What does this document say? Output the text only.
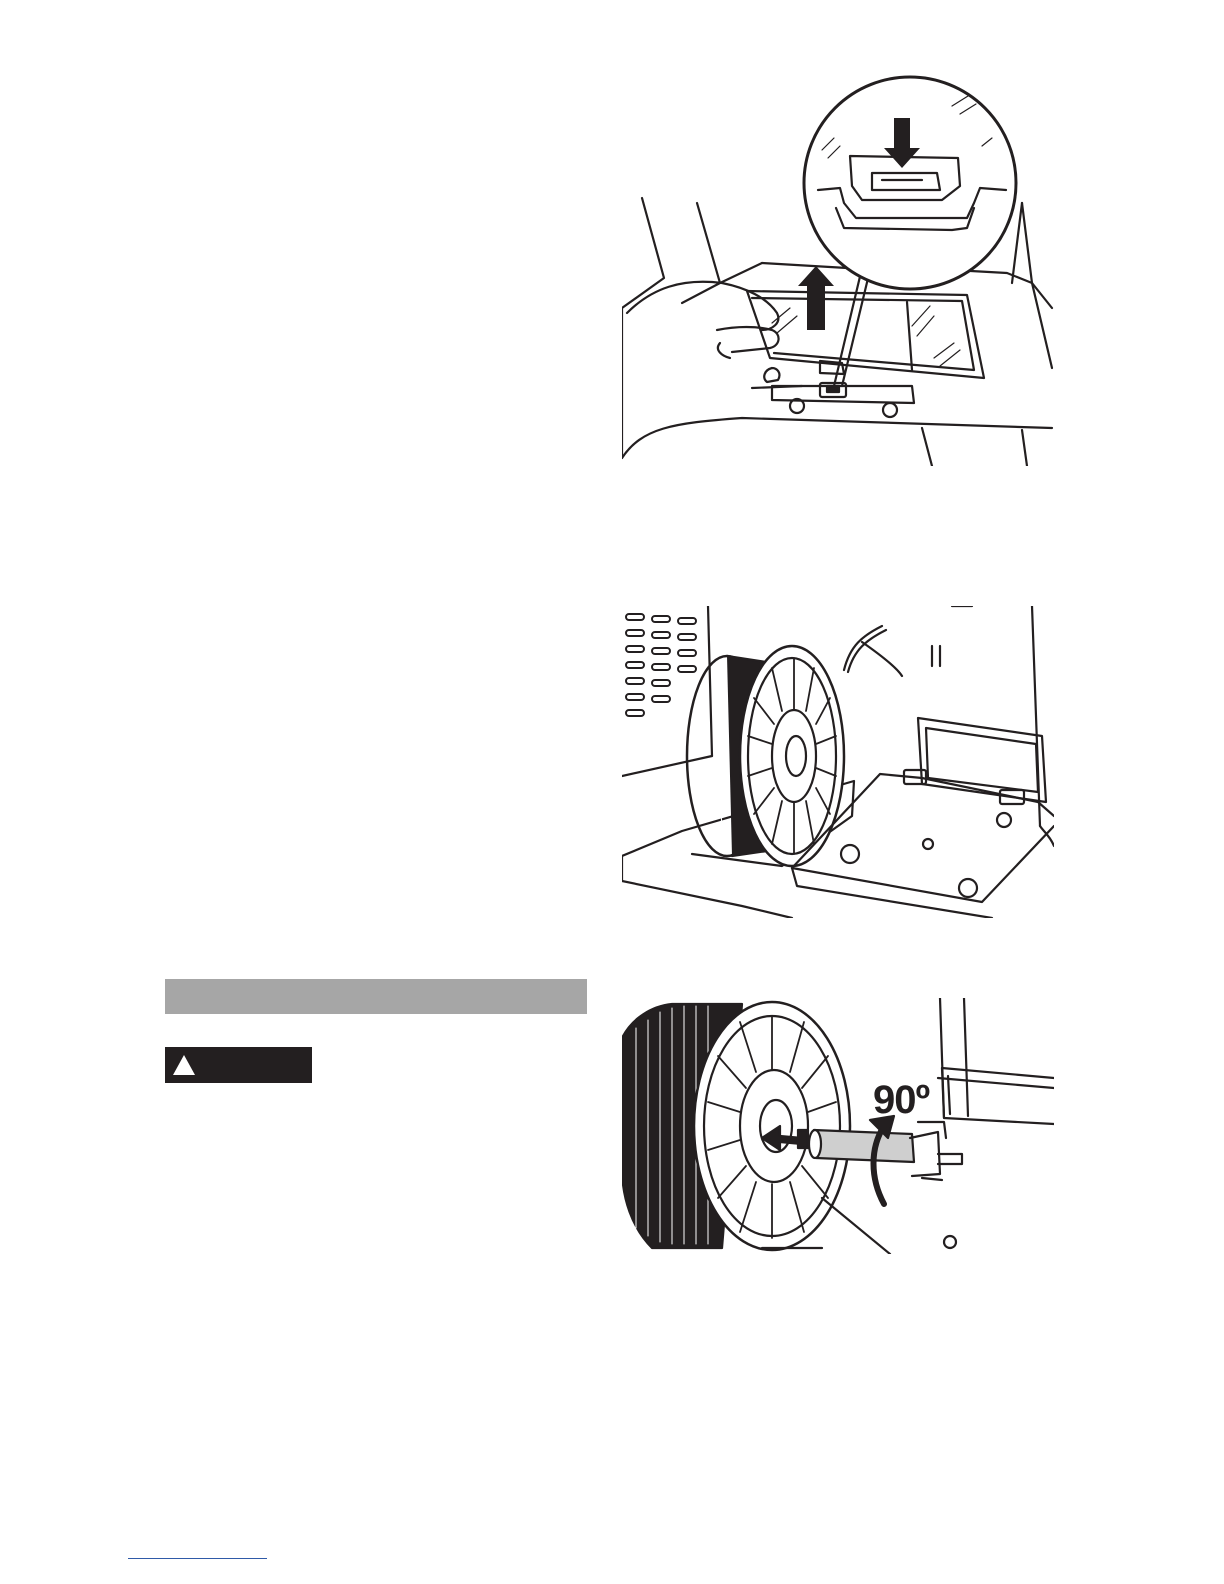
90º
